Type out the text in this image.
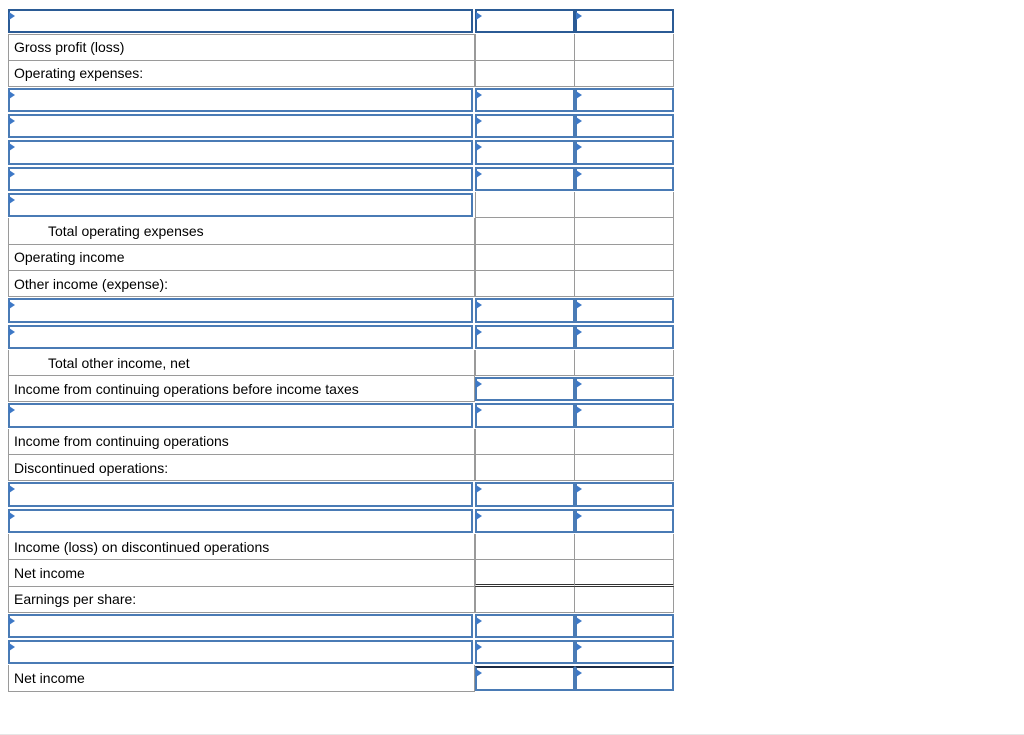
Gross profit (loss)
Operating expenses:
Total operating expenses
Operating income
Other income (expense):
Total other income, net
Income from continuing operations before income taxes
Income from continuing operations
Discontinued operations:
Income (loss) on discontinued operations
Net income
Earnings per share:
Net income
